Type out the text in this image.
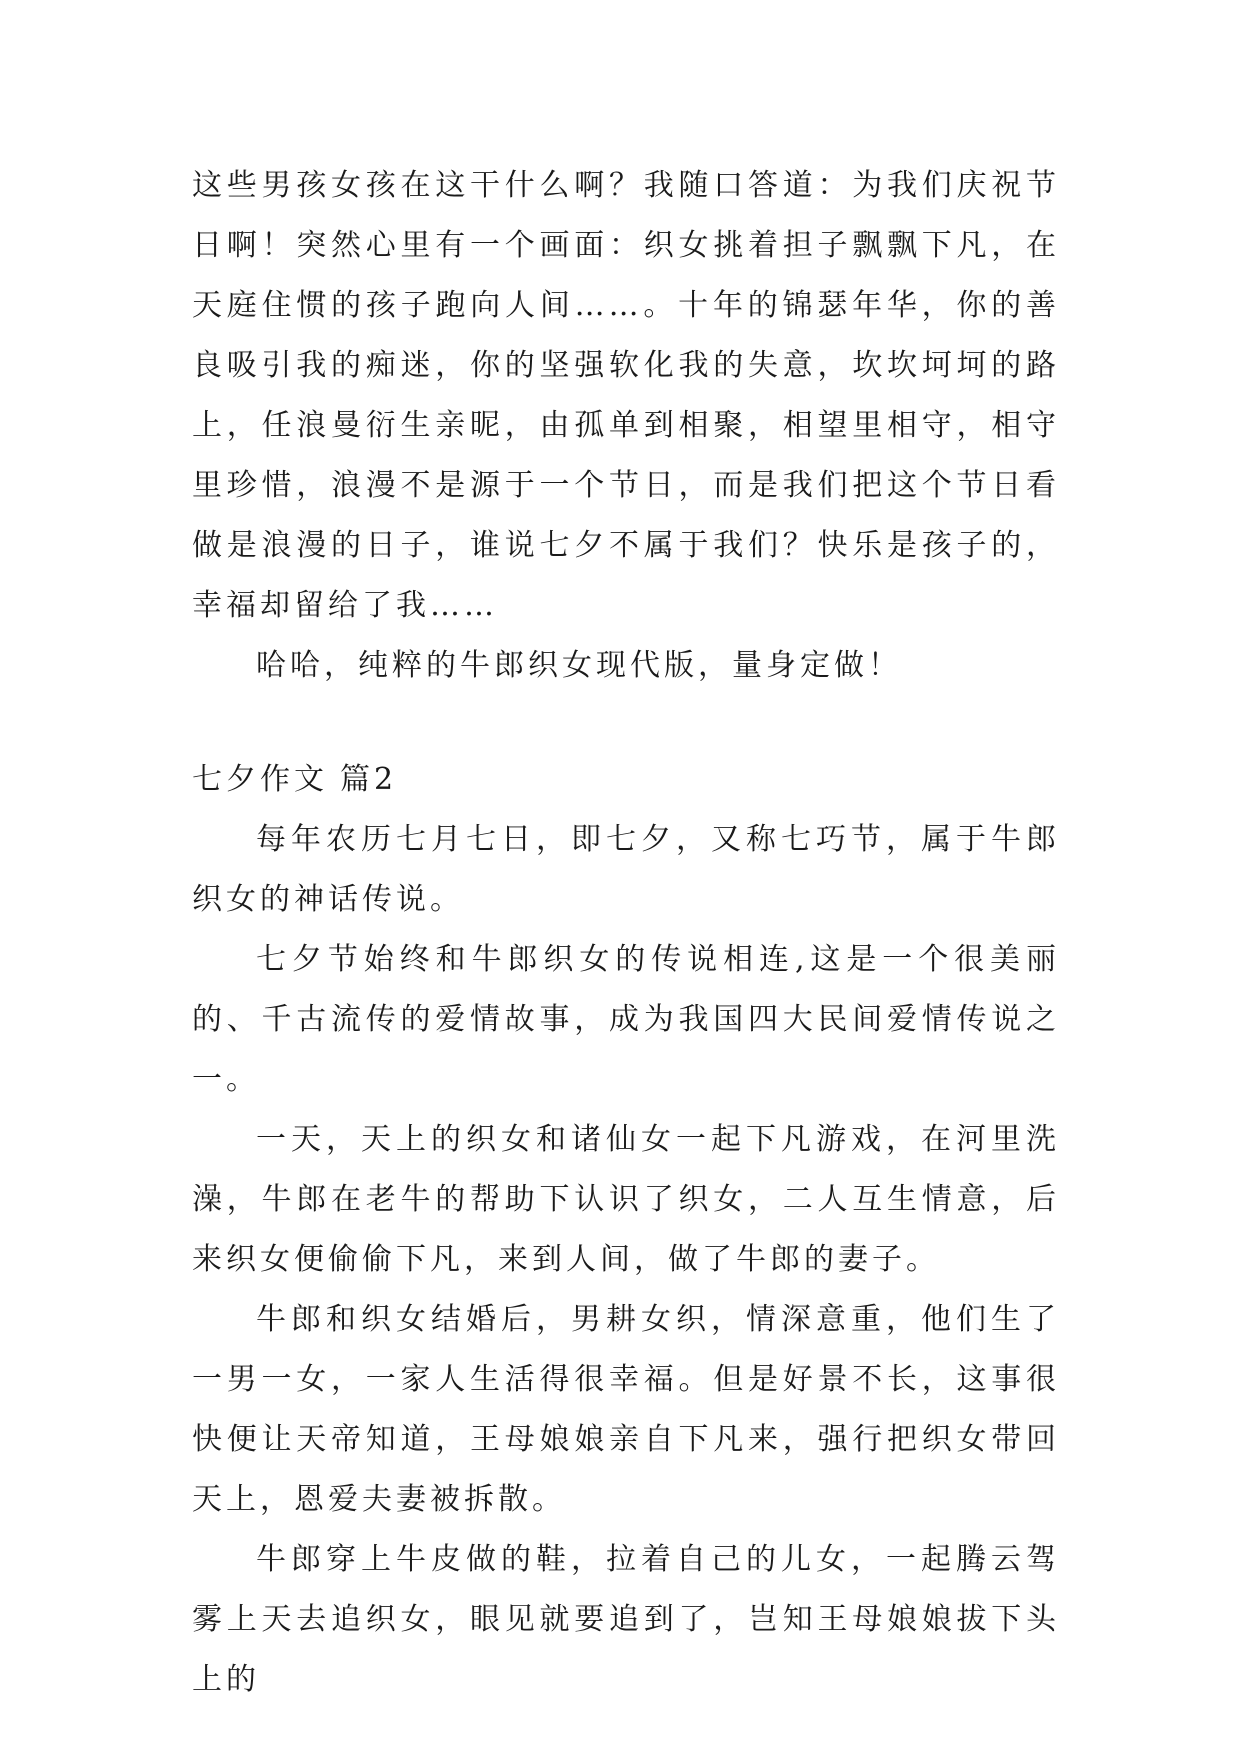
这些男孩女孩在这干什么啊？我随口答道：为我们庆祝节日啊！突然心里有一个画面：织女挑着担子飘飘下凡，在天庭住惯的孩子跑向人间……。十年的锦瑟年华，你的善良吸引我的痴迷，你的坚强软化我的失意，坎坎坷坷的路上，任浪曼衍生亲昵，由孤单到相聚，相望里相守，相守里珍惜，浪漫不是源于一个节日，而是我们把这个节日看做是浪漫的日子，谁说七夕不属于我们？快乐是孩子的，幸福却留给了我……

哈哈，纯粹的牛郎织女现代版，量身定做！

七夕作文 篇2

每年农历七月七日，即七夕，又称七巧节，属于牛郎织女的神话传说。

七夕节始终和牛郎织女的传说相连,这是一个很美丽的、千古流传的爱情故事，成为我国四大民间爱情传说之一。

一天，天上的织女和诸仙女一起下凡游戏，在河里洗澡，牛郎在老牛的帮助下认识了织女，二人互生情意，后来织女便偷偷下凡，来到人间，做了牛郎的妻子。

牛郎和织女结婚后，男耕女织，情深意重，他们生了一男一女，一家人生活得很幸福。但是好景不长，这事很快便让天帝知道，王母娘娘亲自下凡来，强行把织女带回天上，恩爱夫妻被拆散。

牛郎穿上牛皮做的鞋，拉着自己的儿女，一起腾云驾雾上天去追织女，眼见就要追到了，岂知王母娘娘拔下头上的
